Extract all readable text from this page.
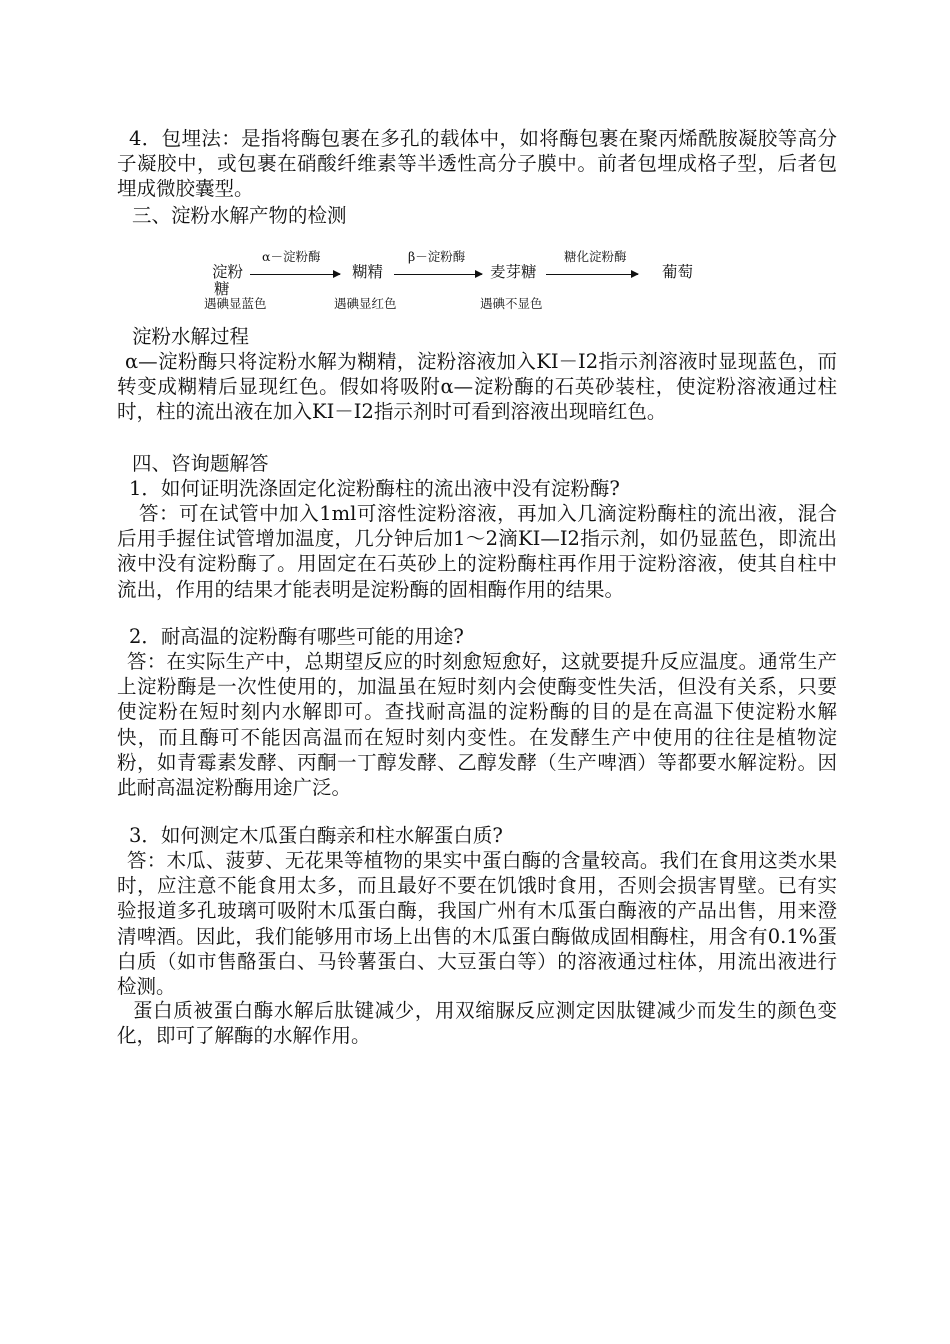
4．包埋法：是指将酶包裹在多孔的载体中，如将酶包裹在聚丙烯酰胺凝胶等高分子凝胶中，或包裹在硝酸纤维素等半透性高分子膜中。前者包埋成格子型，后者包埋成微胶囊型。

三、淀粉水解产物的检测

淀粉
糖
糊精	麦芽糖	葡萄
α－淀粉酶	β－淀粉酶	糖化淀粉酶
遇碘显蓝色	遇碘显红色	遇碘不显色

淀粉水解过程

α—淀粉酶只将淀粉水解为糊精，淀粉溶液加入KI－I2指示剂溶液时显现蓝色，而转变成糊精后显现红色。假如将吸附α—淀粉酶的石英砂装柱，使淀粉溶液通过柱时，柱的流出液在加入KI－I2指示剂时可看到溶液出现暗红色。

四、咨询题解答

1．如何证明洗涤固定化淀粉酶柱的流出液中没有淀粉酶?

答：可在试管中加入1ml可溶性淀粉溶液，再加入几滴淀粉酶柱的流出液，混合后用手握住试管增加温度，几分钟后加1～2滴KI—I2指示剂，如仍显蓝色，即流出液中没有淀粉酶了。用固定在石英砂上的淀粉酶柱再作用于淀粉溶液，使其自柱中流出，作用的结果才能表明是淀粉酶的固相酶作用的结果。

2．耐高温的淀粉酶有哪些可能的用途?

答：在实际生产中，总期望反应的时刻愈短愈好，这就要提升反应温度。通常生产上淀粉酶是一次性使用的，加温虽在短时刻内会使酶变性失活，但没有关系，只要使淀粉在短时刻内水解即可。查找耐高温的淀粉酶的目的是在高温下使淀粉水解快，而且酶可不能因高温而在短时刻内变性。在发酵生产中使用的往往是植物淀粉，如青霉素发酵、丙酮一丁醇发酵、乙醇发酵（生产啤酒）等都要水解淀粉。因此耐高温淀粉酶用途广泛。

3．如何测定木瓜蛋白酶亲和柱水解蛋白质?

答：木瓜、菠萝、无花果等植物的果实中蛋白酶的含量较高。我们在食用这类水果时，应注意不能食用太多，而且最好不要在饥饿时食用，否则会损害胃壁。已有实验报道多孔玻璃可吸附木瓜蛋白酶，我国广州有木瓜蛋白酶液的产品出售，用来澄清啤酒。因此，我们能够用市场上出售的木瓜蛋白酶做成固相酶柱，用含有0.1%蛋白质（如市售酪蛋白、马铃薯蛋白、大豆蛋白等）的溶液通过柱体，用流出液进行检测。

蛋白质被蛋白酶水解后肽键减少，用双缩脲反应测定因肽键减少而发生的颜色变化，即可了解酶的水解作用。
